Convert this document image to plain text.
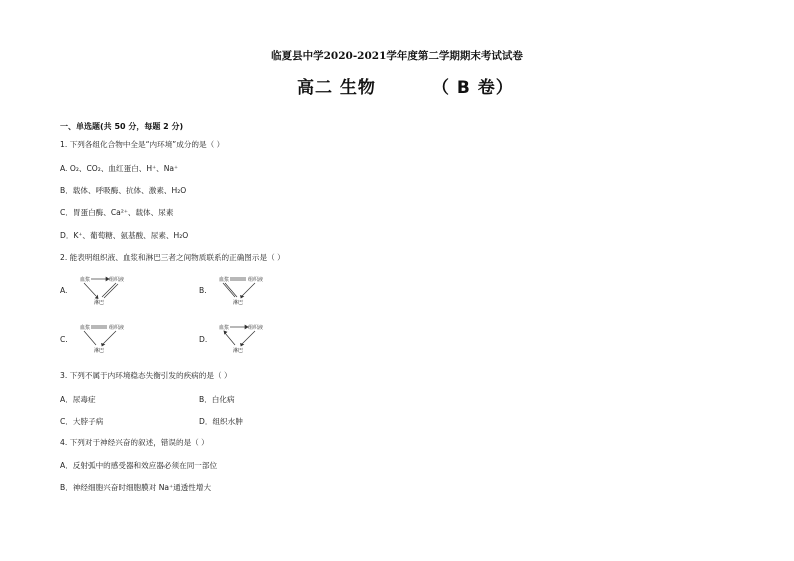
临夏县中学2020-2021学年度第二学期期末考试试卷
高二 生物	（ B 卷）
一、单选题(共 50 分，每题 2 分)
1. 下列各组化合物中全是“内环境”成分的是（ ）
A. O₂、CO₂、血红蛋白、H⁺、Na⁺
B．载体、呼吸酶、抗体、激素、H₂O
C．胃蛋白酶、Ca²⁺、载体、尿素
D．K⁺、葡萄糖、氨基酸、尿素、H₂O
2. 能表明组织液、血浆和淋巴三者之间物质联系的正确图示是（ ）
A.
血浆	组织液
淋巴
B.
血浆	组织液
淋巴
C.
血浆	组织液
淋巴
D.
血浆	组织液
淋巴
3. 下列不属于内环境稳态失衡引发的疾病的是（ ）
A．尿毒症	B．白化病
C．大脖子病	D．组织水肿
4. 下列对于神经兴奋的叙述，错误的是（ ）
A．反射弧中的感受器和效应器必须在同一部位
B．神经细胞兴奋时细胞膜对 Na⁺通透性增大
